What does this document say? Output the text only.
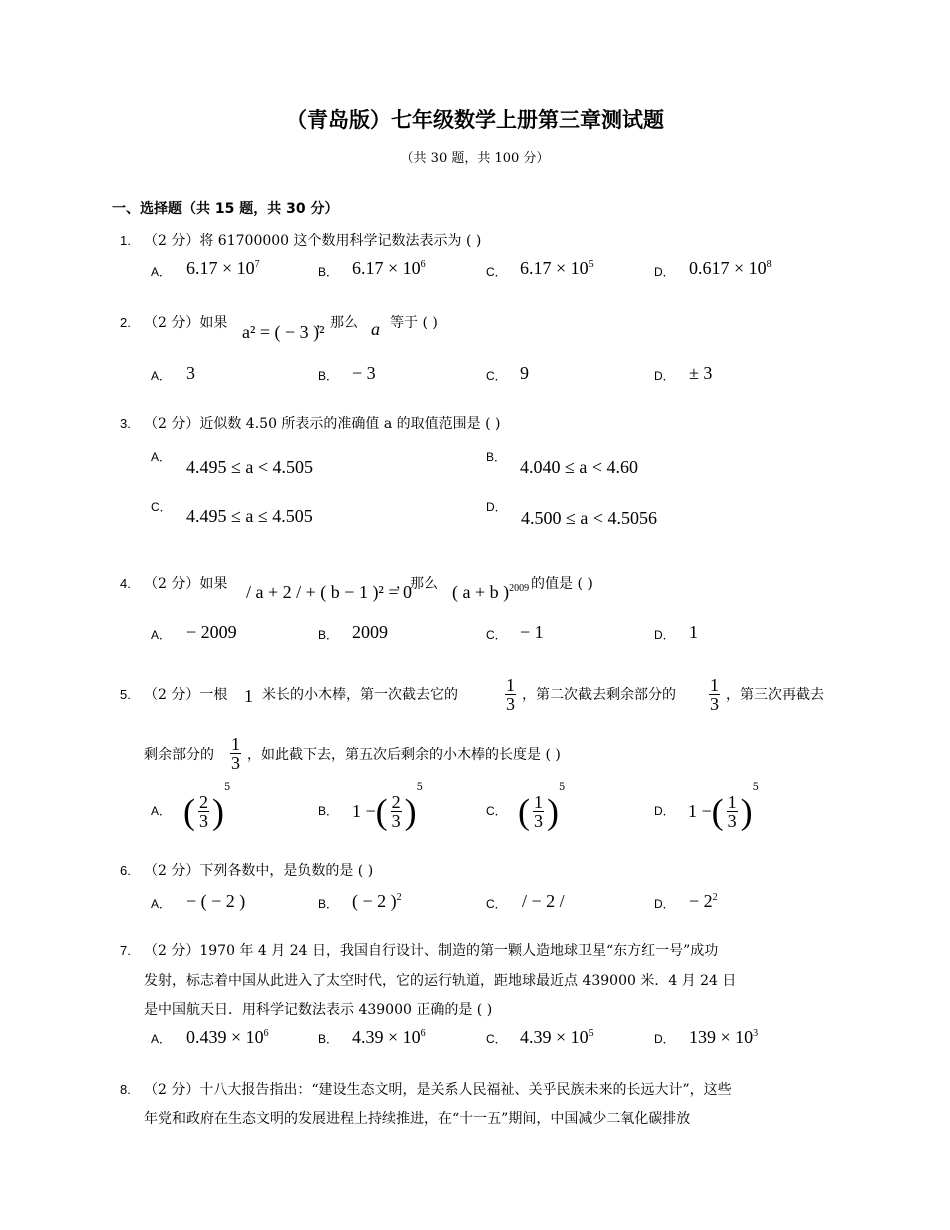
（青岛版）七年级数学上册第三章测试题
（共 30 题，共 100 分）
一、选择题（共 15 题，共 30 分）
1. （2 分）将 61700000 这个数用科学记数法表示为 ( )
A． $6.17 \times 10^7$
B． $6.17 \times 10^6$
C． $6.17 \times 10^5$
D． $0.617 \times 10^8$
2. （2 分）如果 a² = ( − 3 )²
，那么 a 等于 ( )
A． 3	B． − 3	C． 9	D． ± 3
3. （2 分）近似数 4.50 所表示的准确值 a 的取值范围是 ( )
A． 4.495 ≤ a < 4.505	B． 4.040 ≤ a < 4.60
C． 4.495 ≤ a ≤ 4.505	D．
4.500 ≤ a < 4.5056
4. （2 分）如果 / a + 2 / + ( b − 1 )² = 0
，那么 ( a + b )$^{2009}$ 的值是 ( )
A． − 2009	B． 2009	C． − 1	D． 1
5. （2 分）一根 1 米长的小木棒，第一次截去它的	$\frac{1}{3}$ ，第二次截去剩余部分的 $\frac{1}{3}$ ，第三次再截去
剩余部分的 $\frac{1}{3}$ ，如此截下去，第五次后剩余的小木棒的长度是 ( )
A． ( $\frac{2}{3} )^5$
B． 1 −( $\frac{2}{3} )^5$
C． ( $\frac{1}{3} )^5$
D． 1 −( $\frac{1}{3} )^5$
6. （2 分）下列各数中，是负数的是 ( )
A． − ( − 2 )	B． ( − 2 )$^2$	C． / − 2 /	D． − $2^2$
7. （2 分）1970 年 4 月 24 日，我国自行设计、制造的第一颗人造地球卫星“东方红一号”成功
发射，标志着中国从此进入了太空时代，它的运行轨道，距地球最近点 439000 米．4 月 24 日
是中国航天日．用科学记数法表示 439000 正确的是 ( )
A． $0.439 \times 10^6$	B． $4.39 \times 10^6$	C． $4.39 \times 10^5$	D． $139 \times 10^3$
8. （2 分）十八大报告指出：“建设生态文明，是关系人民福祉、关乎民族未来的长远大计”，这些
年党和政府在生态文明的发展进程上持续推进，在“十一五”期间，中国减少二氧化碳排放
